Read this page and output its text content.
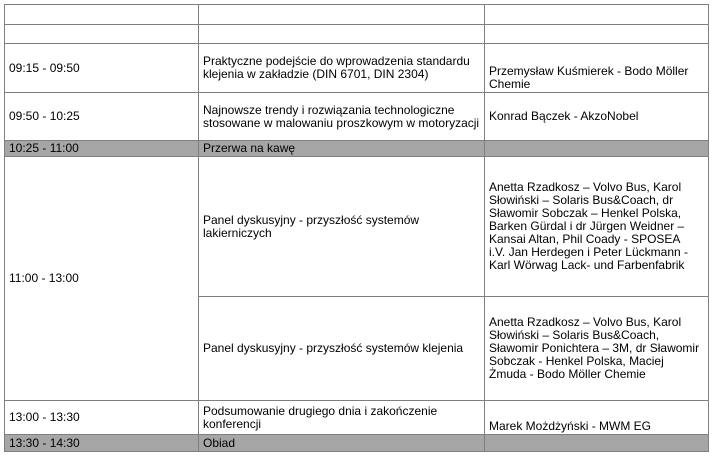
09:15 - 09:50	Praktyczne podejście do wprowadzenia standardu klejenia w zakładzie (DIN 6701, DIN 2304)	Przemysław Kuśmierek - Bodo Möller Chemie
09:50 - 10:25	Najnowsze trendy i rozwiązania technologiczne stosowane w malowaniu proszkowym w motoryzacji	Konrad Bączek - AkzoNobel
10:25 - 11:00	Przerwa na kawę	
11:00 - 13:00	Panel dyskusyjny - przyszłość systemów lakierniczych	Anetta Rzadkosz – Volvo Bus, Karol Słowiński – Solaris Bus&Coach, dr Sławomir Sobczak – Henkel Polska, Barken Gürdal i dr Jürgen Weidner – Kansai Altan, Phil Coady - SPOSEA
i.V. Jan Herdegen i Peter Lückmann - Karl Wörwag Lack- und Farbenfabrik
	Panel dyskusyjny - przyszłość systemów klejenia	Anetta Rzadkosz – Volvo Bus, Karol Słowiński – Solaris Bus&Coach, Sławomir Ponichtera – 3M, dr Sławomir Sobczak - Henkel Polska, Maciej Żmuda - Bodo Möller Chemie
13:00 - 13:30	Podsumowanie drugiego dnia i zakończenie konferencji	Marek Możdżyński - MWM EG
13:30 - 14:30	Obiad	
